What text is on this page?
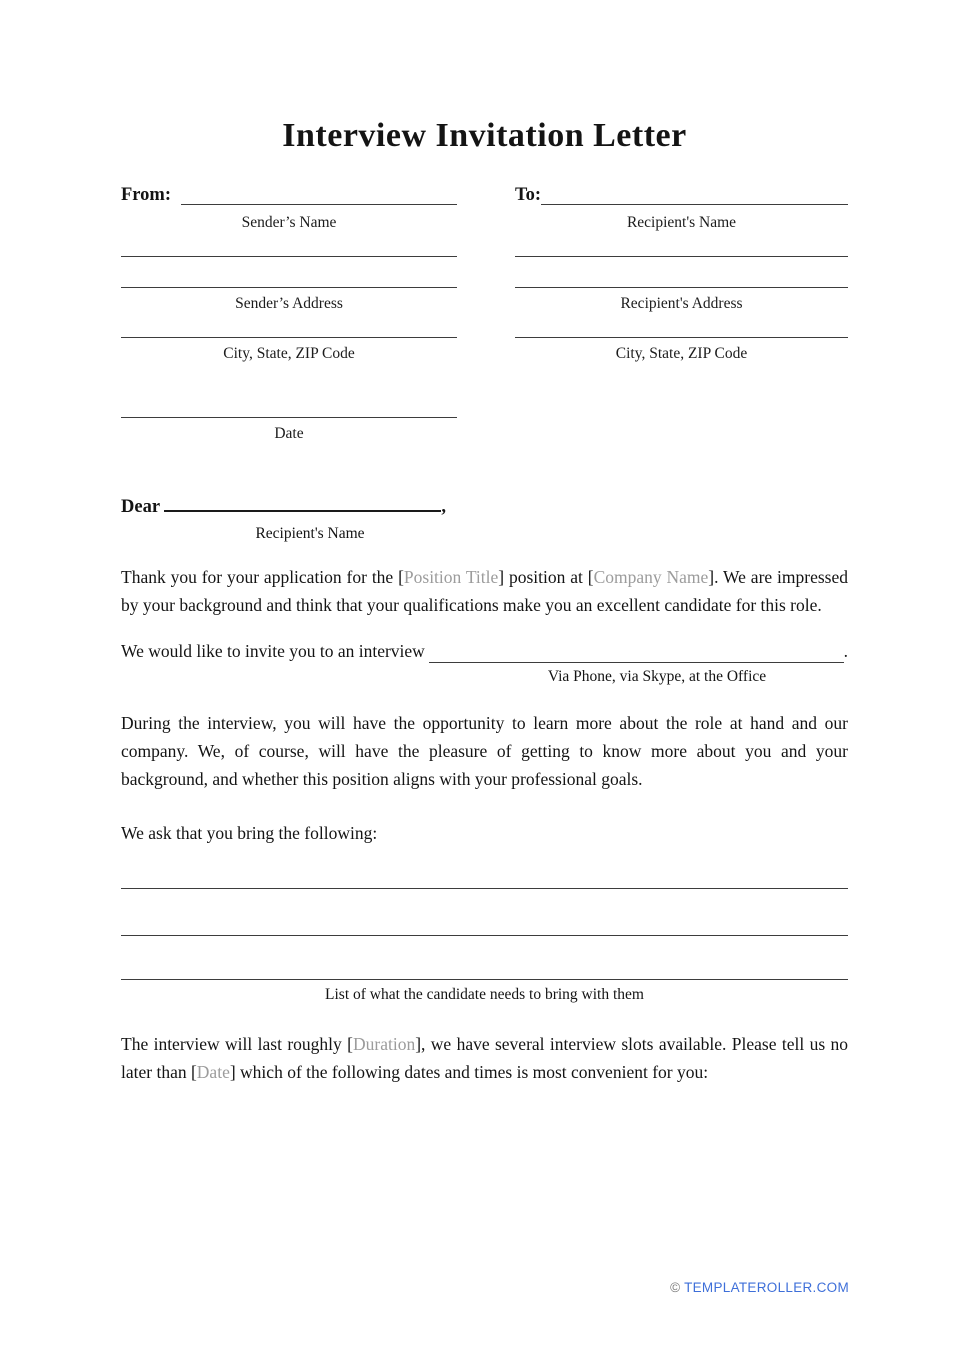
Interview Invitation Letter
From:
Sender’s Name
Sender’s Address
City, State, ZIP Code
Date
To:
Recipient's Name
Recipient's Address
City, State, ZIP Code
Dear	,
Recipient's Name

Thank you for your application for the [Position Title] position at [Company Name]. We are impressed by your background and think that your qualifications make you an excellent candidate for this role.

We would like to invite you to an interview	.
Via Phone, via Skype, at the Office

During the interview, you will have the opportunity to learn more about the role at hand and our company. We, of course, will have the pleasure of getting to know more about you and your background, and whether this position aligns with your professional goals.

We ask that you bring the following:

List of what the candidate needs to bring with them

The interview will last roughly [Duration], we have several interview slots available. Please tell us no later than [Date] which of the following dates and times is most convenient for you:

© TEMPLATEROLLER.COM
